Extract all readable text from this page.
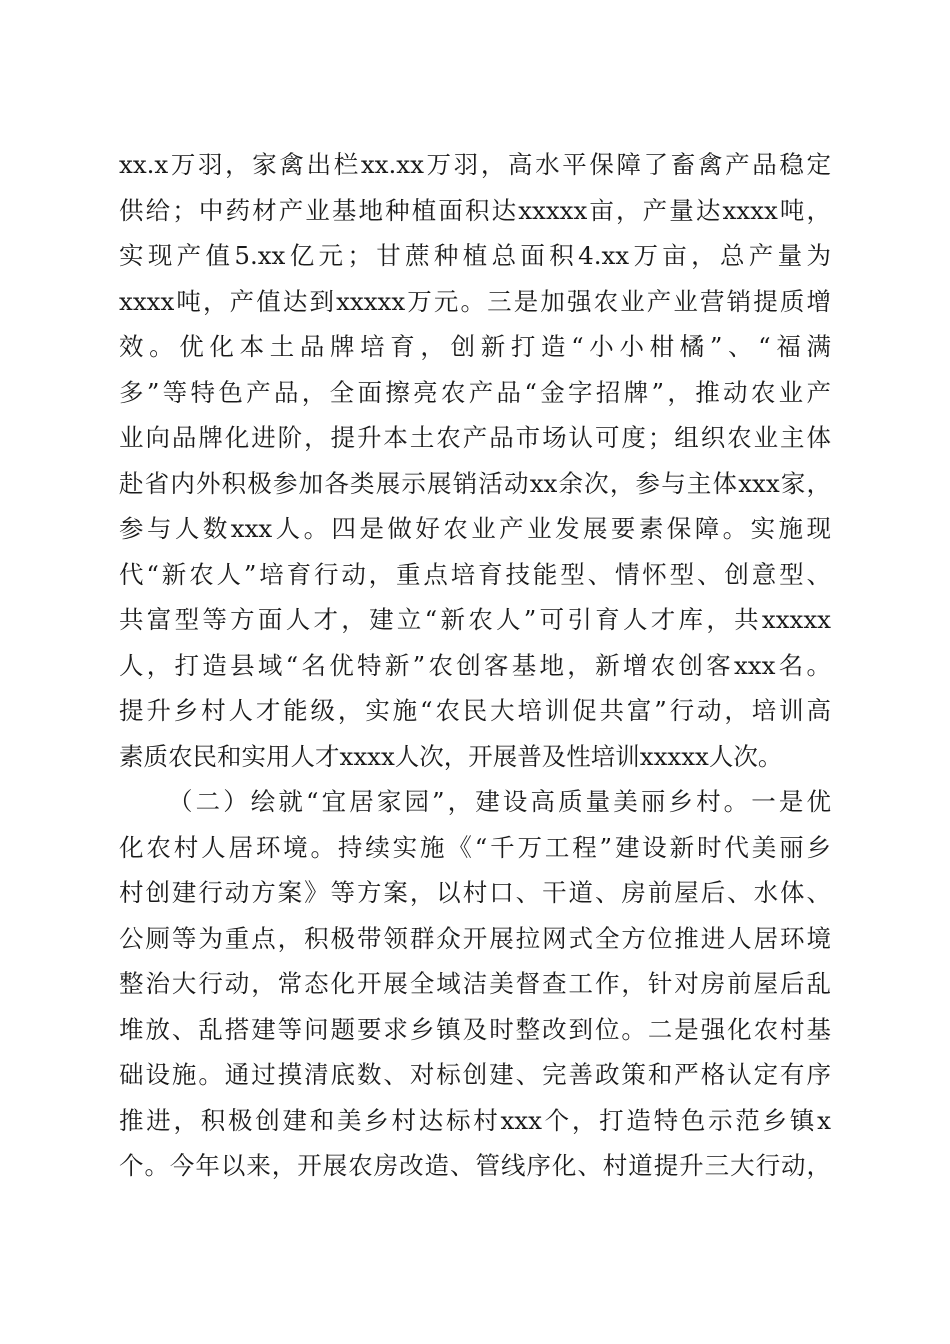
xx.x万羽，家禽出栏xx.xx万羽，高水平保障了畜禽产品稳定
供给；中药材产业基地种植面积达xxxxx亩，产量达xxxx吨，
实现产值5.xx亿元；甘蔗种植总面积4.xx万亩，总产量为
xxxx吨，产值达到xxxxx万元。三是加强农业产业营销提质增
效。优化本土品牌培育，创新打造“小小柑橘”、“福满
多”等特色产品，全面擦亮农产品“金字招牌”，推动农业产
业向品牌化进阶，提升本土农产品市场认可度；组织农业主体
赴省内外积极参加各类展示展销活动xx余次，参与主体xxx家，
参与人数xxx人。四是做好农业产业发展要素保障。实施现
代“新农人”培育行动，重点培育技能型、情怀型、创意型、
共富型等方面人才，建立“新农人”可引育人才库，共xxxxx
人，打造县域“名优特新”农创客基地，新增农创客xxx名。
提升乡村人才能级，实施“农民大培训促共富”行动，培训高
素质农民和实用人才xxxx人次，开展普及性培训xxxxx人次。
（二）绘就“宜居家园”，建设高质量美丽乡村。一是优
化农村人居环境。持续实施《“千万工程”建设新时代美丽乡
村创建行动方案》等方案，以村口、干道、房前屋后、水体、
公厕等为重点，积极带领群众开展拉网式全方位推进人居环境
整治大行动，常态化开展全域洁美督查工作，针对房前屋后乱
堆放、乱搭建等问题要求乡镇及时整改到位。二是强化农村基
础设施。通过摸清底数、对标创建、完善政策和严格认定有序
推进，积极创建和美乡村达标村xxx个，打造特色示范乡镇x
个。今年以来，开展农房改造、管线序化、村道提升三大行动，
